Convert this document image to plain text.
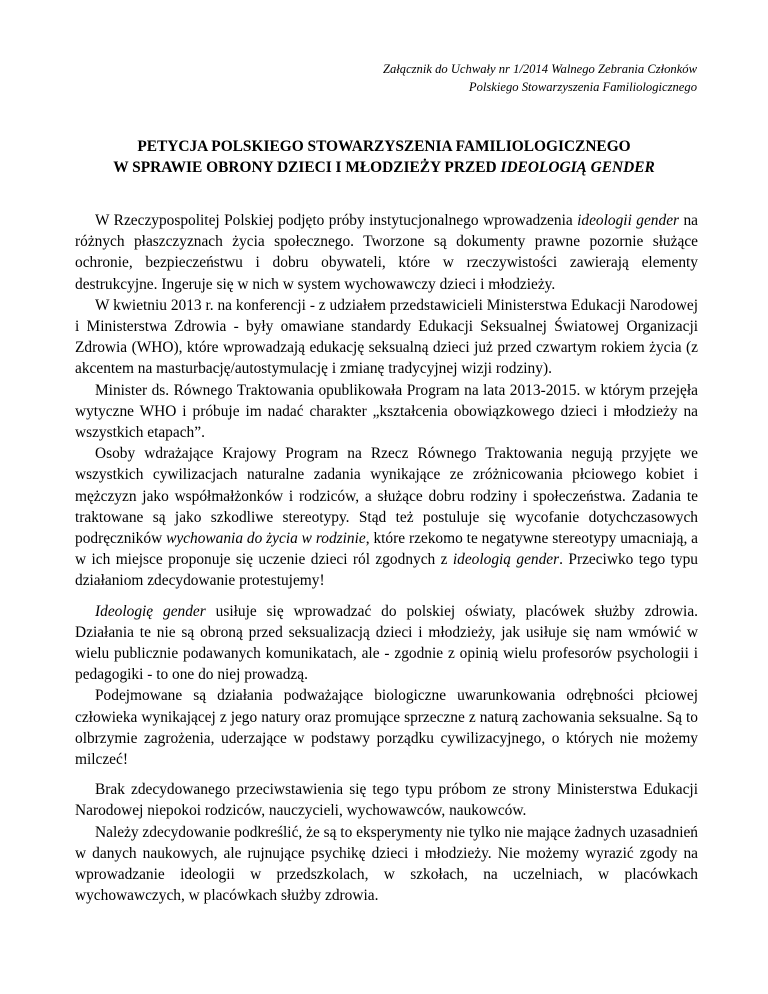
Załącznik do Uchwały nr 1/2014 Walnego Zebrania Członków
Polskiego Stowarzyszenia Familiologicznego
PETYCJA POLSKIEGO STOWARZYSZENIA FAMILIOLOGICZNEGO
W SPRAWIE OBRONY DZIECI I MŁODZIEŻY PRZED IDEOLOGIĄ GENDER

W Rzeczypospolitej Polskiej podjęto próby instytucjonalnego wprowadzenia ideologii gender na różnych płaszczyznach życia społecznego. Tworzone są dokumenty prawne pozornie służące ochronie, bezpieczeństwu i dobru obywateli, które w rzeczywistości zawierają elementy destrukcyjne. Ingeruje się w nich w system wychowawczy dzieci i młodzieży.

W kwietniu 2013 r. na konferencji - z udziałem przedstawicieli Ministerstwa Edukacji Narodowej i Ministerstwa Zdrowia - były omawiane standardy Edukacji Seksualnej Światowej Organizacji Zdrowia (WHO), które wprowadzają edukację seksualną dzieci już przed czwartym rokiem życia (z akcentem na masturbację/autostymulację i zmianę tradycyjnej wizji rodziny).

Minister ds. Równego Traktowania opublikowała Program na lata 2013-2015. w którym przejęła wytyczne WHO i próbuje im nadać charakter „kształcenia obowiązkowego dzieci i młodzieży na wszystkich etapach”.

Osoby wdrażające Krajowy Program na Rzecz Równego Traktowania negują przyjęte we wszystkich cywilizacjach naturalne zadania wynikające ze zróżnicowania płciowego kobiet i mężczyzn jako współmałżonków i rodziców, a służące dobru rodziny i społeczeństwa. Zadania te traktowane są jako szkodliwe stereotypy. Stąd też postuluje się wycofanie dotychczasowych podręczników wychowania do życia w rodzinie, które rzekomo te negatywne stereotypy umacniają, a w ich miejsce proponuje się uczenie dzieci ról zgodnych z ideologią gender. Przeciwko tego typu działaniom zdecydowanie protestujemy!

Ideologię gender usiłuje się wprowadzać do polskiej oświaty, placówek służby zdrowia. Działania te nie są obroną przed seksualizacją dzieci i młodzieży, jak usiłuje się nam wmówić w wielu publicznie podawanych komunikatach, ale - zgodnie z opinią wielu profesorów psychologii i pedagogiki - to one do niej prowadzą.

Podejmowane są działania podważające biologiczne uwarunkowania odrębności płciowej człowieka wynikającej z jego natury oraz promujące sprzeczne z naturą zachowania seksualne. Są to olbrzymie zagrożenia, uderzające w podstawy porządku cywilizacyjnego, o których nie możemy milczeć!

Brak zdecydowanego przeciwstawienia się tego typu próbom ze strony Ministerstwa Edukacji Narodowej niepokoi rodziców, nauczycieli, wychowawców, naukowców.

Należy zdecydowanie podkreślić, że są to eksperymenty nie tylko nie mające żadnych uzasadnień w danych naukowych, ale rujnujące psychikę dzieci i młodzieży. Nie możemy wyrazić zgody na wprowadzanie ideologii w przedszkolach, w szkołach, na uczelniach, w placówkach wychowawczych, w placówkach służby zdrowia.
